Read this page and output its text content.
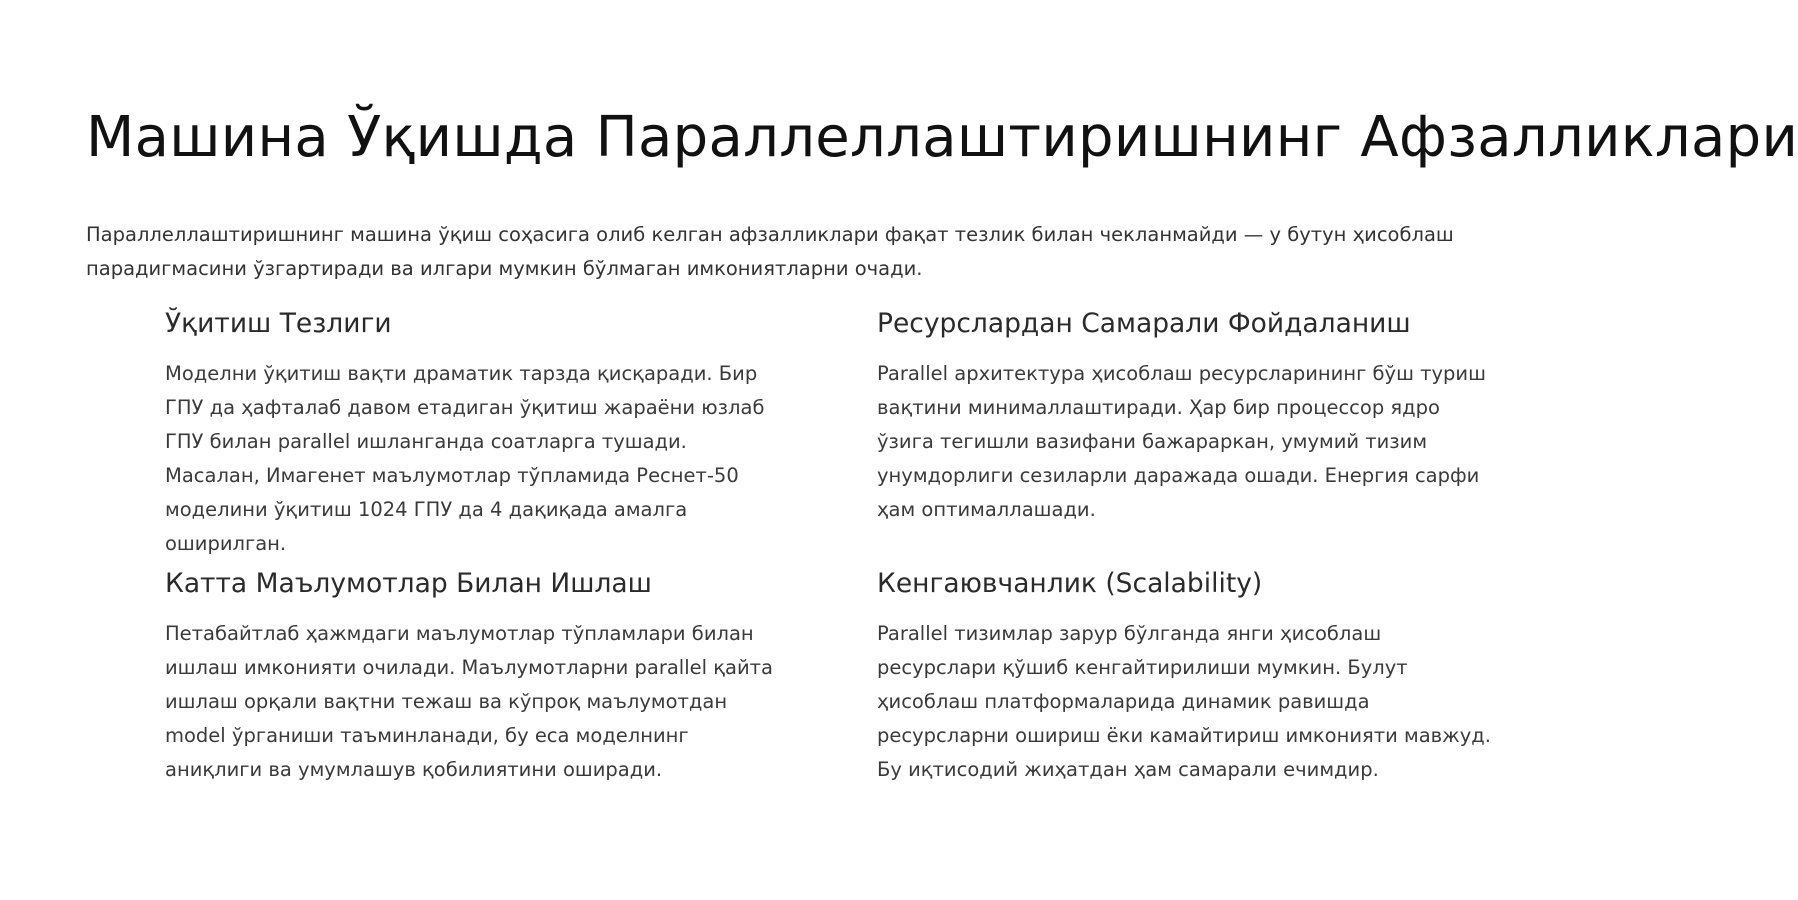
Машина Ўқишда Параллеллаштиришнинг Афзалликлари

Параллеллаштиришнинг машина ўқиш соҳасига олиб келган афзалликлари фақат тезлик билан чекланмайди — у бутун ҳисоблаш парадигмасини ўзгартиради ва илгари мумкин бўлмаган имкониятларни очади.

Ўқитиш Тезлиги

Моделни ўқитиш вақти драматик тарзда қисқаради. Бир ГПУ да ҳафталаб давом етадиган ўқитиш жараёни юзлаб ГПУ билан parallel ишланганда соатларга тушади. Масалан, Имагенет маълумотлар тўпламида Реснет-50 моделини ўқитиш 1024 ГПУ да 4 дақиқада амалга оширилган.

Ресурслардан Самарали Фойдаланиш

Parallel архитектура ҳисоблаш ресурсларининг бўш туриш вақтини минималлаштиради. Ҳар бир процессор ядро ўзига тегишли вазифани бажараркан, умумий тизим унумдорлиги сезиларли даражада ошади. Енергия сарфи ҳам оптималлашади.

Катта Маълумотлар Билан Ишлаш

Петабайтлаб ҳажмдаги маълумотлар тўпламлари билан ишлаш имконияти очилади. Маълумотларни parallel қайта ишлаш орқали вақтни тежаш ва кўпроқ маълумотдан model ўрганиши таъминланади, бу еса моделнинг аниқлиги ва умумлашув қобилиятини оширади.

Кенгаювчанлик (Scalability)

Parallel тизимлар зарур бўлганда янги ҳисоблаш ресурслари қўшиб кенгайтирилиши мумкин. Булут ҳисоблаш платформаларида динамик равишда ресурсларни ошириш ёки камайтириш имконияти мавжуд. Бу иқтисодий жиҳатдан ҳам самарали ечимдир.
